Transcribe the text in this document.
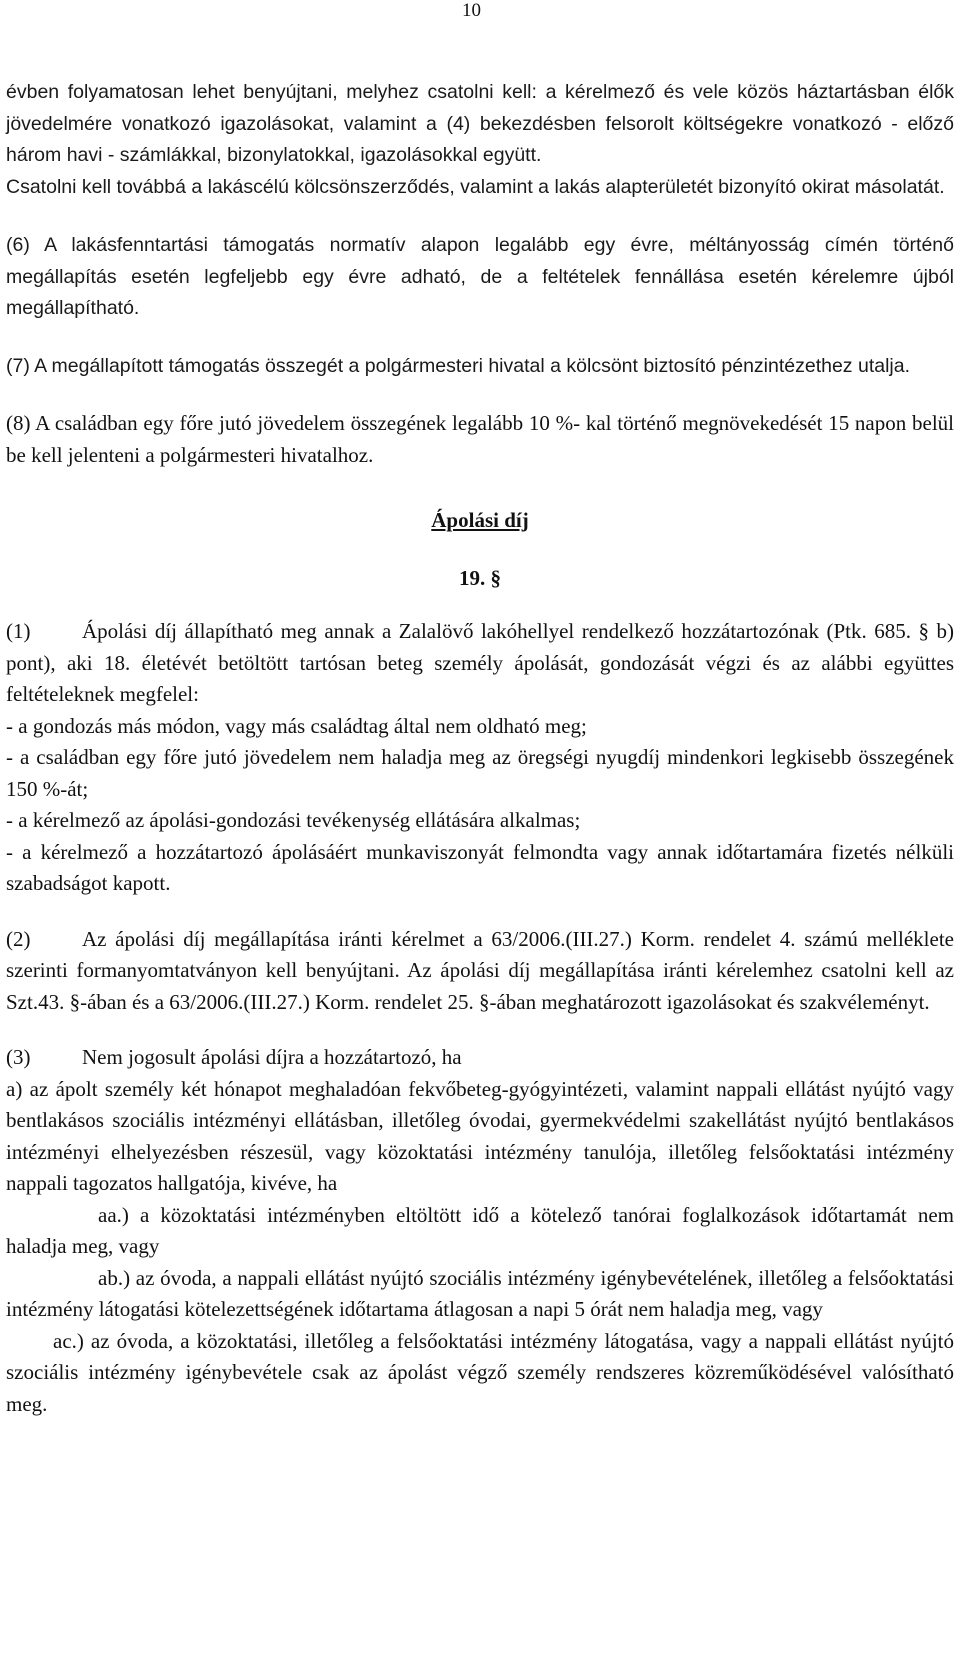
10

évben folyamatosan lehet benyújtani, melyhez csatolni kell: a kérelmező és vele közös háztartásban élők jövedelmére vonatkozó igazolásokat, valamint a (4) bekezdésben felsorolt költségekre vonatkozó - előző három havi - számlákkal, bizonylatokkal, igazolásokkal együtt.

Csatolni kell továbbá a lakáscélú kölcsönszerződés, valamint a lakás alapterületét bizonyító okirat másolatát.

(6) A lakásfenntartási támogatás normatív alapon legalább egy évre, méltányosság címén történő megállapítás esetén legfeljebb egy évre adható, de a feltételek fennállása esetén kérelemre újból megállapítható.

(7) A megállapított támogatás összegét a polgármesteri hivatal a kölcsönt biztosító pénzintézethez utalja.

(8) A családban egy főre jutó jövedelem összegének legalább 10 %- kal történő megnövekedését 15 napon belül be kell jelenteni a polgármesteri hivatalhoz.

Ápolási díj
19. §

(1) Ápolási díj állapítható meg annak a Zalalövő lakóhellyel rendelkező hozzátartozónak (Ptk. 685. § b) pont), aki 18. életévét betöltött tartósan beteg személy ápolását, gondozását végzi és az alábbi együttes feltételeknek megfelel:

- a gondozás más módon, vagy más családtag által nem oldható meg;

- a családban egy főre jutó jövedelem nem haladja meg az öregségi nyugdíj mindenkori legkisebb összegének 150 %-át;

- a kérelmező az ápolási-gondozási tevékenység ellátására alkalmas;

- a kérelmező a hozzátartozó ápolásáért munkaviszonyát felmondta vagy annak időtartamára fizetés nélküli szabadságot kapott.

(2) Az ápolási díj megállapítása iránti kérelmet a 63/2006.(III.27.) Korm. rendelet 4. számú melléklete szerinti formanyomtatványon kell benyújtani. Az ápolási díj megállapítása iránti kérelemhez csatolni kell az Szt.43. §-ában és a 63/2006.(III.27.) Korm. rendelet 25. §-ában meghatározott igazolásokat és szakvéleményt.

(3) Nem jogosult ápolási díjra a hozzátartozó, ha

a) az ápolt személy két hónapot meghaladóan fekvőbeteg-gyógyintézeti, valamint nappali ellátást nyújtó vagy bentlakásos szociális intézményi ellátásban, illetőleg óvodai, gyermekvédelmi szakellátást nyújtó bentlakásos intézményi elhelyezésben részesül, vagy közoktatási intézmény tanulója, illetőleg felsőoktatási intézmény nappali tagozatos hallgatója, kivéve, ha

aa.) a közoktatási intézményben eltöltött idő a kötelező tanórai foglalkozások időtartamát nem haladja meg, vagy

ab.) az óvoda, a nappali ellátást nyújtó szociális intézmény igénybevételének, illetőleg a felsőoktatási intézmény látogatási kötelezettségének időtartama átlagosan a napi 5 órát nem haladja meg, vagy

ac.) az óvoda, a közoktatási, illetőleg a felsőoktatási intézmény látogatása, vagy a nappali ellátást nyújtó szociális intézmény igénybevétele csak az ápolást végző személy rendszeres közreműködésével valósítható meg.
